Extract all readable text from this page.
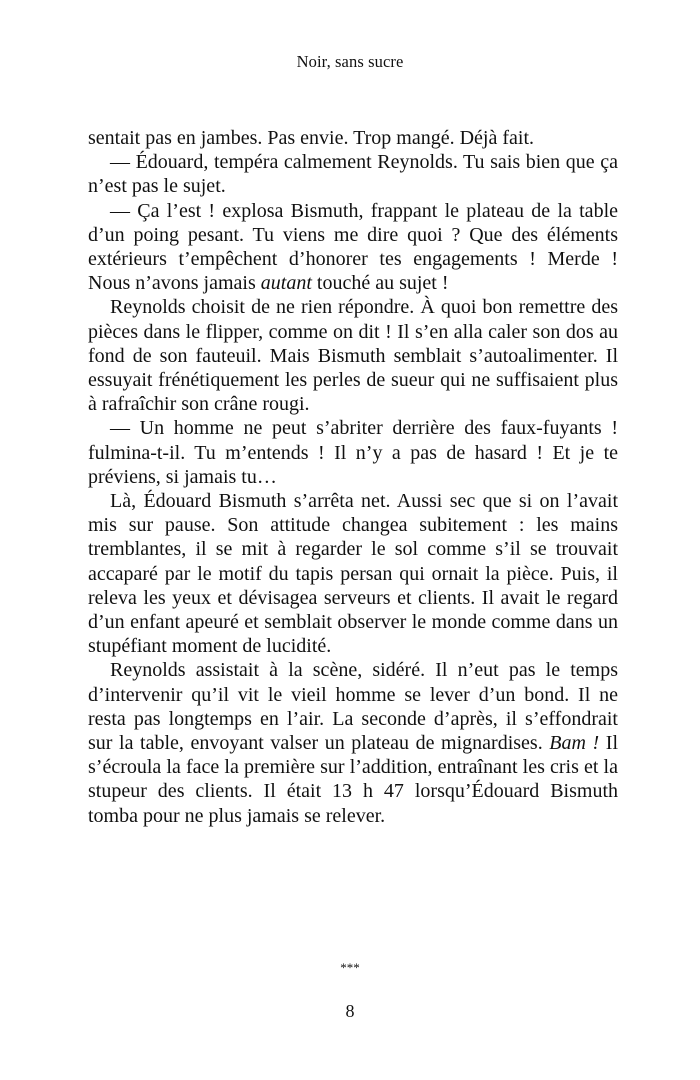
Noir, sans sucre

sentait pas en jambes. Pas envie. Trop mangé. Déjà fait.

— Édouard, tempéra calmement Reynolds. Tu sais bien que ça n’est pas le sujet.

— Ça l’est ! explosa Bismuth, frappant le plateau de la table d’un poing pesant. Tu viens me dire quoi ? Que des éléments extérieurs t’empêchent d’honorer tes engagements ! Merde ! Nous n’avons jamais autant touché au sujet !

Reynolds choisit de ne rien répondre. À quoi bon remettre des pièces dans le flipper, comme on dit ! Il s’en alla caler son dos au fond de son fauteuil. Mais Bismuth semblait s’autoalimenter. Il essuyait frénétiquement les perles de sueur qui ne suffisaient plus à rafraîchir son crâne rougi.

— Un homme ne peut s’abriter derrière des faux-fuyants ! fulmina-t-il. Tu m’entends ! Il n’y a pas de hasard ! Et je te préviens, si jamais tu…

Là, Édouard Bismuth s’arrêta net. Aussi sec que si on l’avait mis sur pause. Son attitude changea subitement : les mains tremblantes, il se mit à regarder le sol comme s’il se trouvait accaparé par le motif du tapis persan qui ornait la pièce. Puis, il releva les yeux et dévisagea serveurs et clients. Il avait le regard d’un enfant apeuré et semblait observer le monde comme dans un stupéfiant moment de lucidité.

Reynolds assistait à la scène, sidéré. Il n’eut pas le temps d’intervenir qu’il vit le vieil homme se lever d’un bond. Il ne resta pas longtemps en l’air. La seconde d’après, il s’effondrait sur la table, envoyant valser un plateau de mignardises. Bam ! Il s’écroula la face la première sur l’addition, entraînant les cris et la stupeur des clients. Il était 13 h 47 lorsqu’Édouard Bismuth tomba pour ne plus jamais se relever.

***
8
